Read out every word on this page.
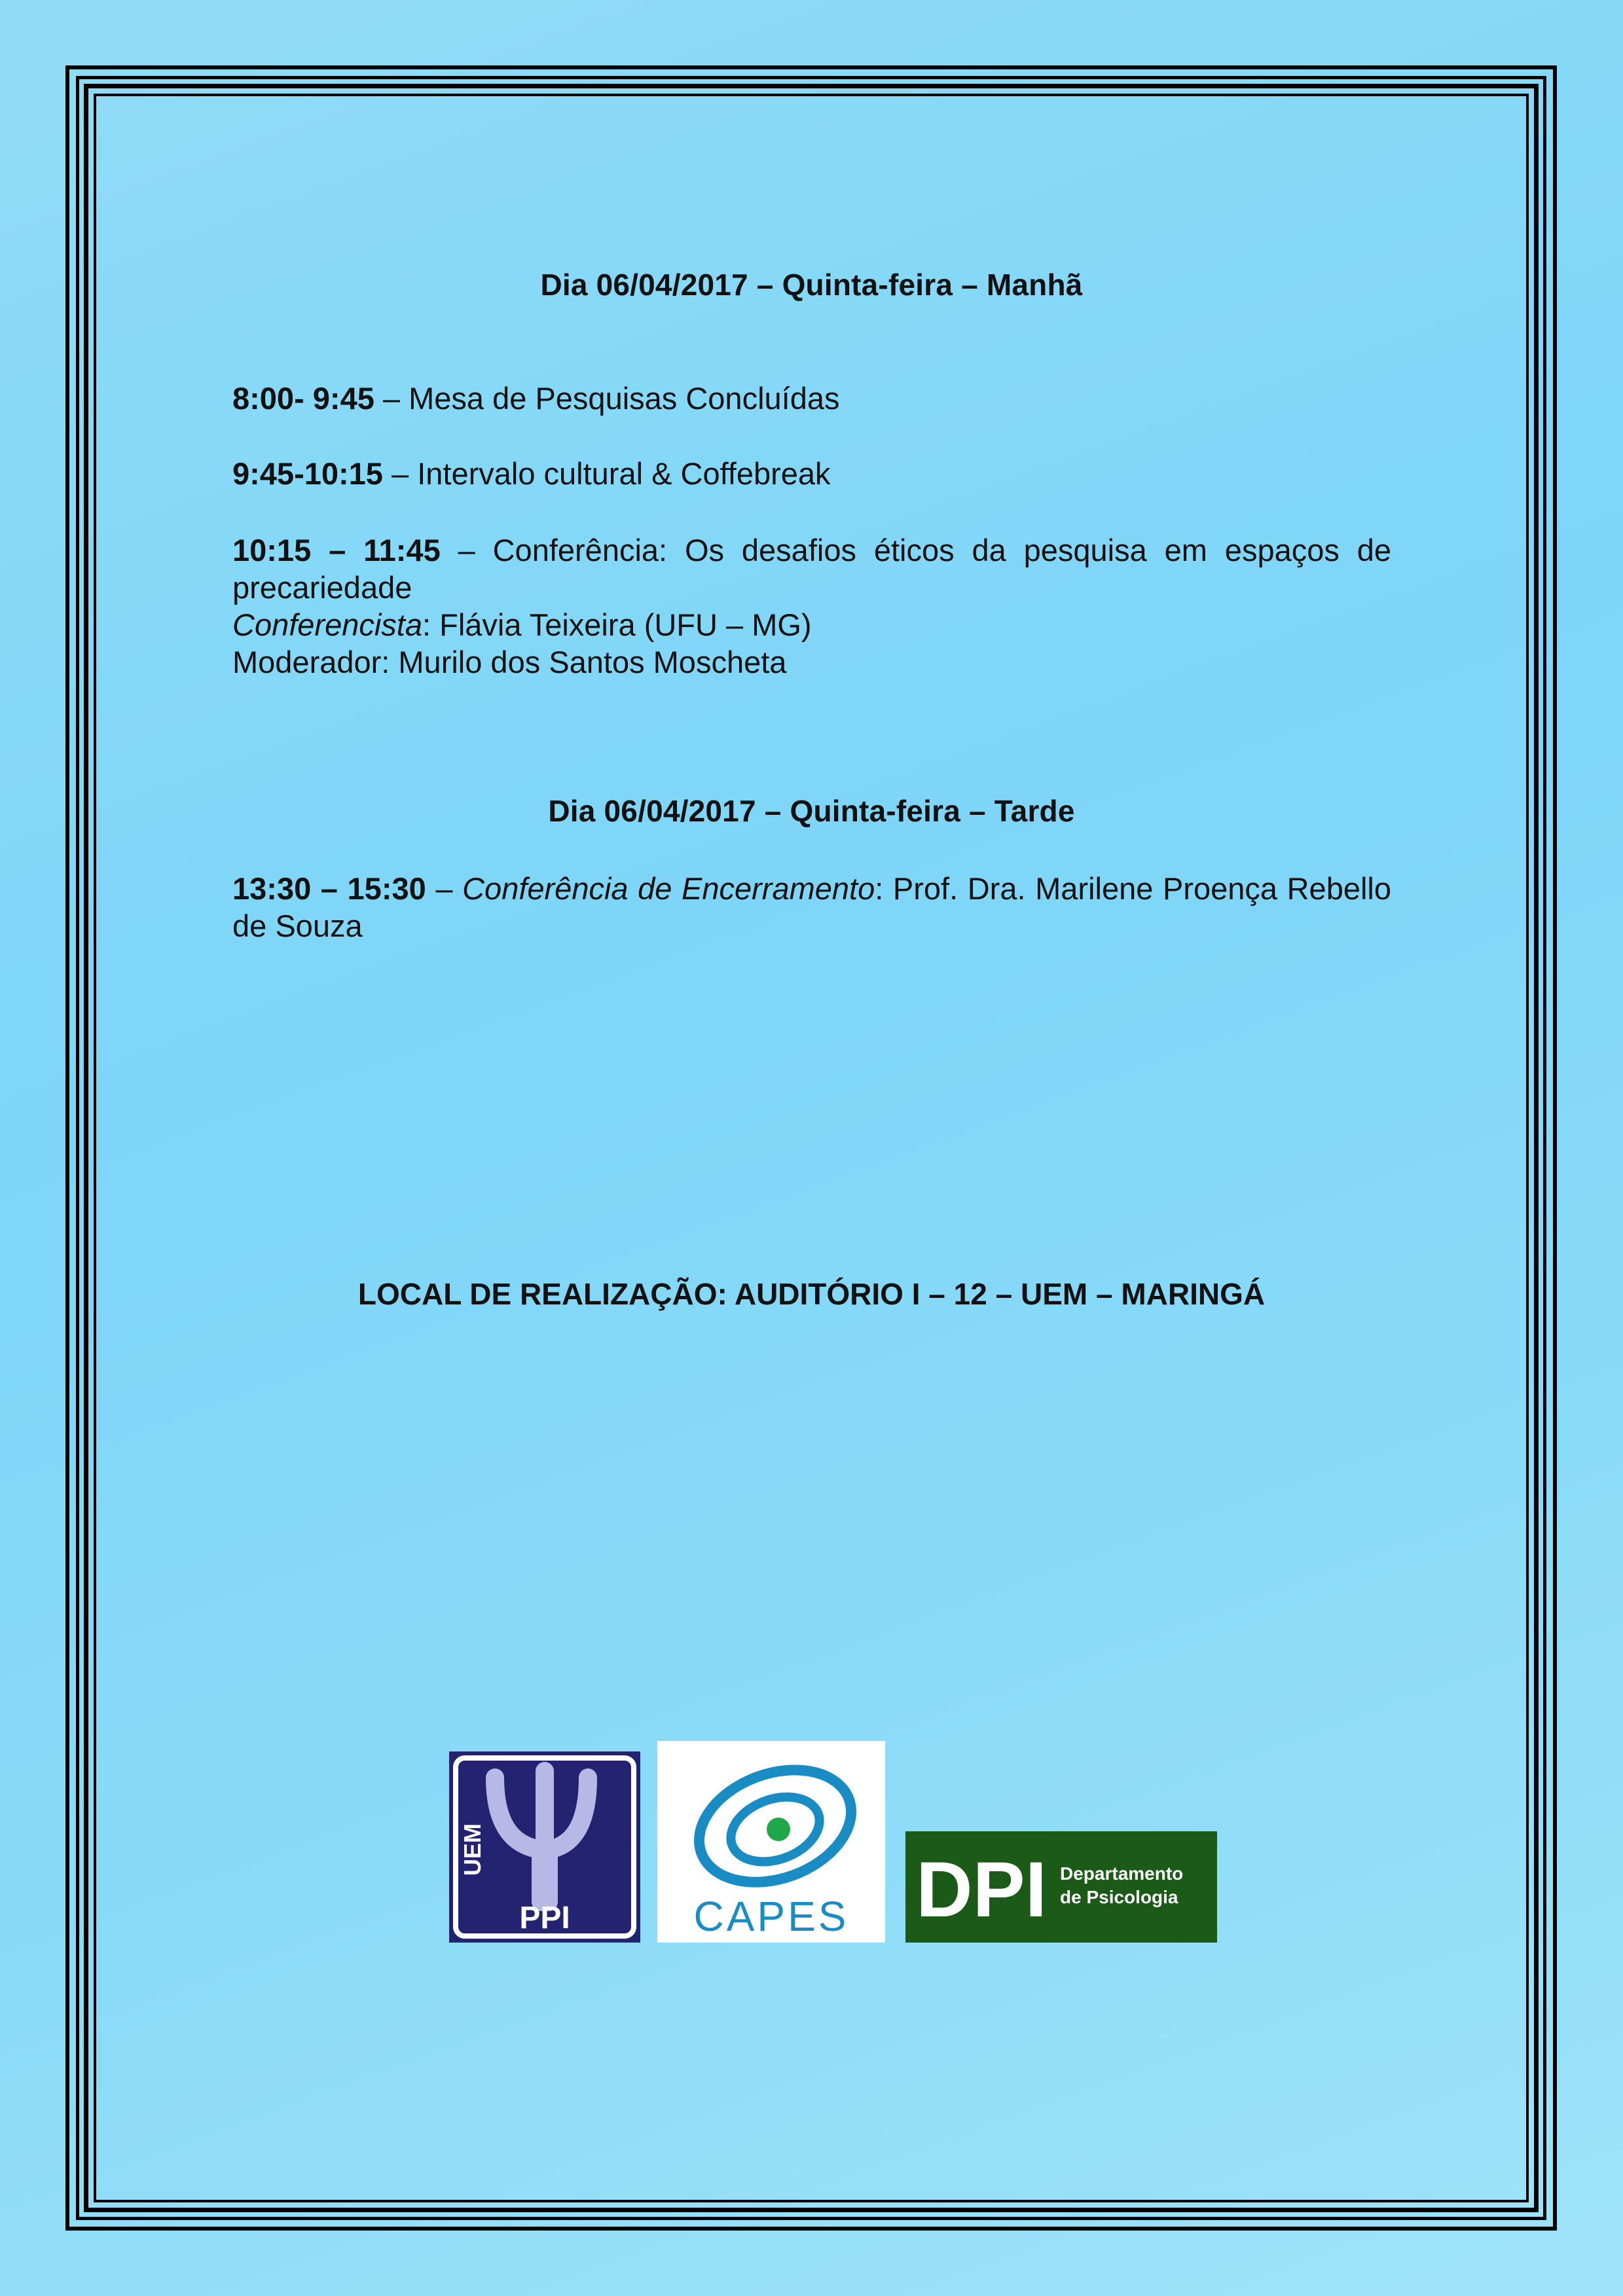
Dia 06/04/2017 – Quinta-feira – Manhã
8:00- 9:45 – Mesa de Pesquisas Concluídas
9:45-10:15 – Intervalo cultural & Coffebreak
10:15 – 11:45 – Conferência: Os desafios éticos da pesquisa em espaços de precariedade
Conferencista: Flávia Teixeira (UFU – MG)
Moderador: Murilo dos Santos Moscheta
Dia 06/04/2017 – Quinta-feira – Tarde
13:30 – 15:30 – Conferência de Encerramento: Prof. Dra. Marilene Proença Rebello de Souza
LOCAL DE REALIZAÇÃO: AUDITÓRIO I – 12 – UEM – MARINGÁ
UEM
PPI	CAPES DPI Departamento
de Psicologia
